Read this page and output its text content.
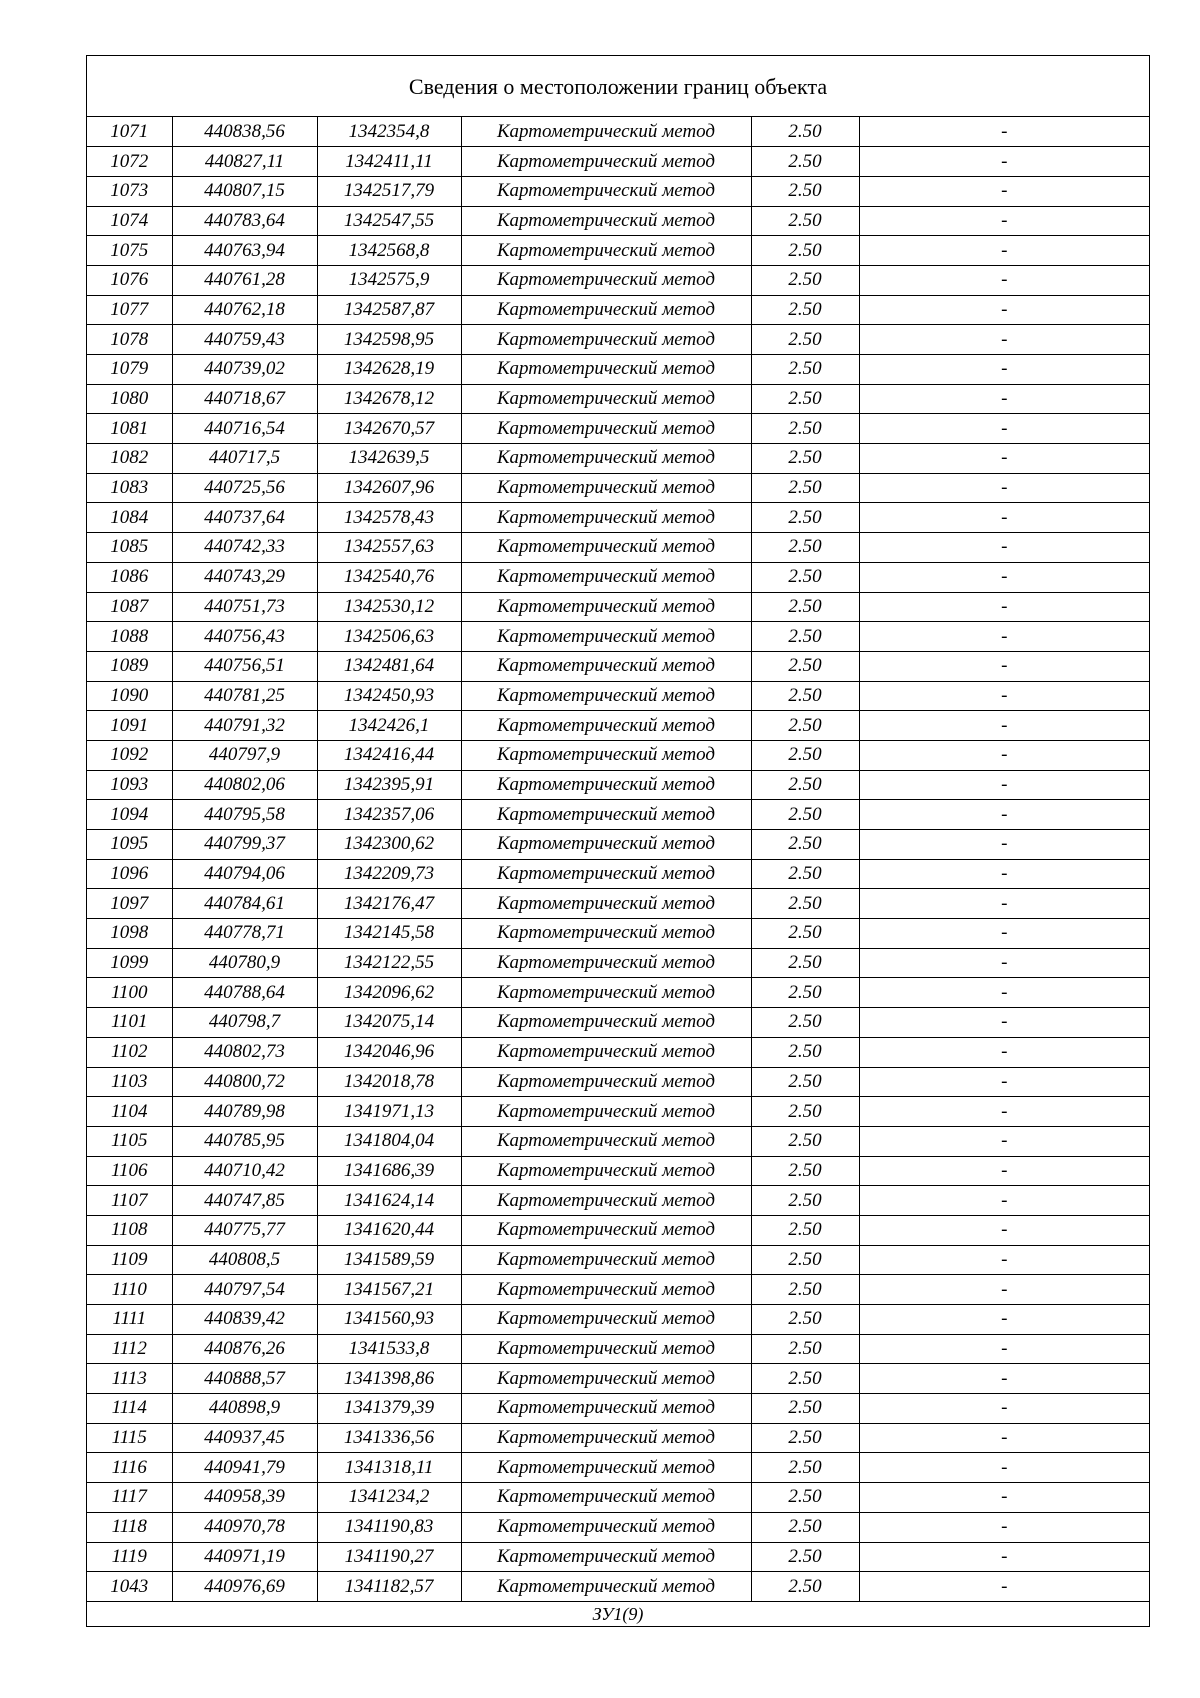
Сведения о местоположении границ объекта
1071	440838,56	1342354,8	Картометрический метод	2.50	-
1072	440827,11	1342411,11	Картометрический метод	2.50	-
1073	440807,15	1342517,79	Картометрический метод	2.50	-
1074	440783,64	1342547,55	Картометрический метод	2.50	-
1075	440763,94	1342568,8	Картометрический метод	2.50	-
1076	440761,28	1342575,9	Картометрический метод	2.50	-
1077	440762,18	1342587,87	Картометрический метод	2.50	-
1078	440759,43	1342598,95	Картометрический метод	2.50	-
1079	440739,02	1342628,19	Картометрический метод	2.50	-
1080	440718,67	1342678,12	Картометрический метод	2.50	-
1081	440716,54	1342670,57	Картометрический метод	2.50	-
1082	440717,5	1342639,5	Картометрический метод	2.50	-
1083	440725,56	1342607,96	Картометрический метод	2.50	-
1084	440737,64	1342578,43	Картометрический метод	2.50	-
1085	440742,33	1342557,63	Картометрический метод	2.50	-
1086	440743,29	1342540,76	Картометрический метод	2.50	-
1087	440751,73	1342530,12	Картометрический метод	2.50	-
1088	440756,43	1342506,63	Картометрический метод	2.50	-
1089	440756,51	1342481,64	Картометрический метод	2.50	-
1090	440781,25	1342450,93	Картометрический метод	2.50	-
1091	440791,32	1342426,1	Картометрический метод	2.50	-
1092	440797,9	1342416,44	Картометрический метод	2.50	-
1093	440802,06	1342395,91	Картометрический метод	2.50	-
1094	440795,58	1342357,06	Картометрический метод	2.50	-
1095	440799,37	1342300,62	Картометрический метод	2.50	-
1096	440794,06	1342209,73	Картометрический метод	2.50	-
1097	440784,61	1342176,47	Картометрический метод	2.50	-
1098	440778,71	1342145,58	Картометрический метод	2.50	-
1099	440780,9	1342122,55	Картометрический метод	2.50	-
1100	440788,64	1342096,62	Картометрический метод	2.50	-
1101	440798,7	1342075,14	Картометрический метод	2.50	-
1102	440802,73	1342046,96	Картометрический метод	2.50	-
1103	440800,72	1342018,78	Картометрический метод	2.50	-
1104	440789,98	1341971,13	Картометрический метод	2.50	-
1105	440785,95	1341804,04	Картометрический метод	2.50	-
1106	440710,42	1341686,39	Картометрический метод	2.50	-
1107	440747,85	1341624,14	Картометрический метод	2.50	-
1108	440775,77	1341620,44	Картометрический метод	2.50	-
1109	440808,5	1341589,59	Картометрический метод	2.50	-
1110	440797,54	1341567,21	Картометрический метод	2.50	-
1111	440839,42	1341560,93	Картометрический метод	2.50	-
1112	440876,26	1341533,8	Картометрический метод	2.50	-
1113	440888,57	1341398,86	Картометрический метод	2.50	-
1114	440898,9	1341379,39	Картометрический метод	2.50	-
1115	440937,45	1341336,56	Картометрический метод	2.50	-
1116	440941,79	1341318,11	Картометрический метод	2.50	-
1117	440958,39	1341234,2	Картометрический метод	2.50	-
1118	440970,78	1341190,83	Картометрический метод	2.50	-
1119	440971,19	1341190,27	Картометрический метод	2.50	-
1043	440976,69	1341182,57	Картометрический метод	2.50	-
ЗУ1(9)
